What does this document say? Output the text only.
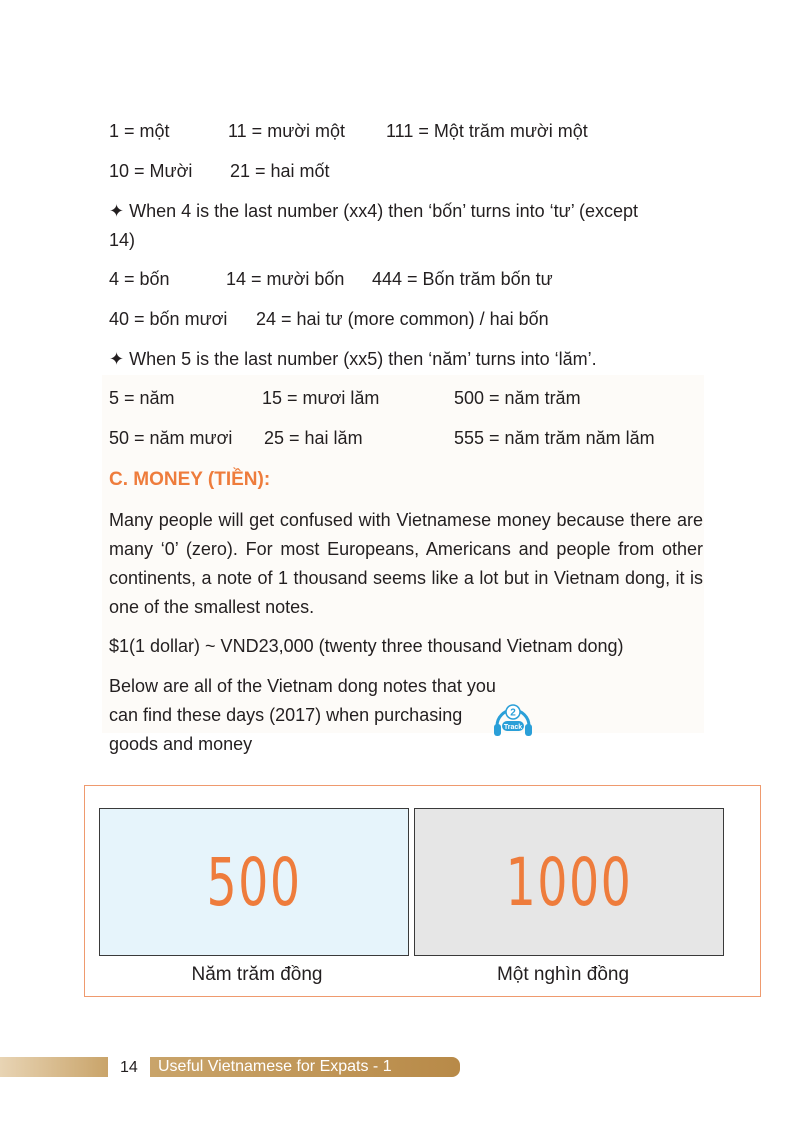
1 = một	11 = mười một 111 = Một trăm mười một
10 = Mười 21 = hai mốt
✦ When 4 is the last number (xx4) then ‘bốn’ turns into ‘tư’ (except
14)
4 = bốn	14 = mười bốn 444 = Bốn trăm bốn tư
40 = bốn mươi 24 = hai tư (more common) / hai bốn
✦ When 5 is the last number (xx5) then ‘năm’ turns into ‘lăm’.
5 = năm	15 = mươi lăm	500 = năm trăm
50 = năm mươi 25 = hai lăm	555 = năm trăm năm lăm
C. MONEY (TIỀN):
Many people will get confused with Vietnamese money because there are many ‘0’ (zero). For most Europeans, Americans and people from other continents, a note of 1 thousand seems like a lot but in Vietnam dong, it is one of the smallest notes.
$1(1 dollar) ~ VND23,000 (twenty three thousand Vietnam dong)
Below are all of the Vietnam dong notes that you can find these days (2017) when purchasing goods and money
2
Track
500	1000
Năm trăm đồng	Một nghìn đồng
14 Useful Vietnamese for Expats - 1
